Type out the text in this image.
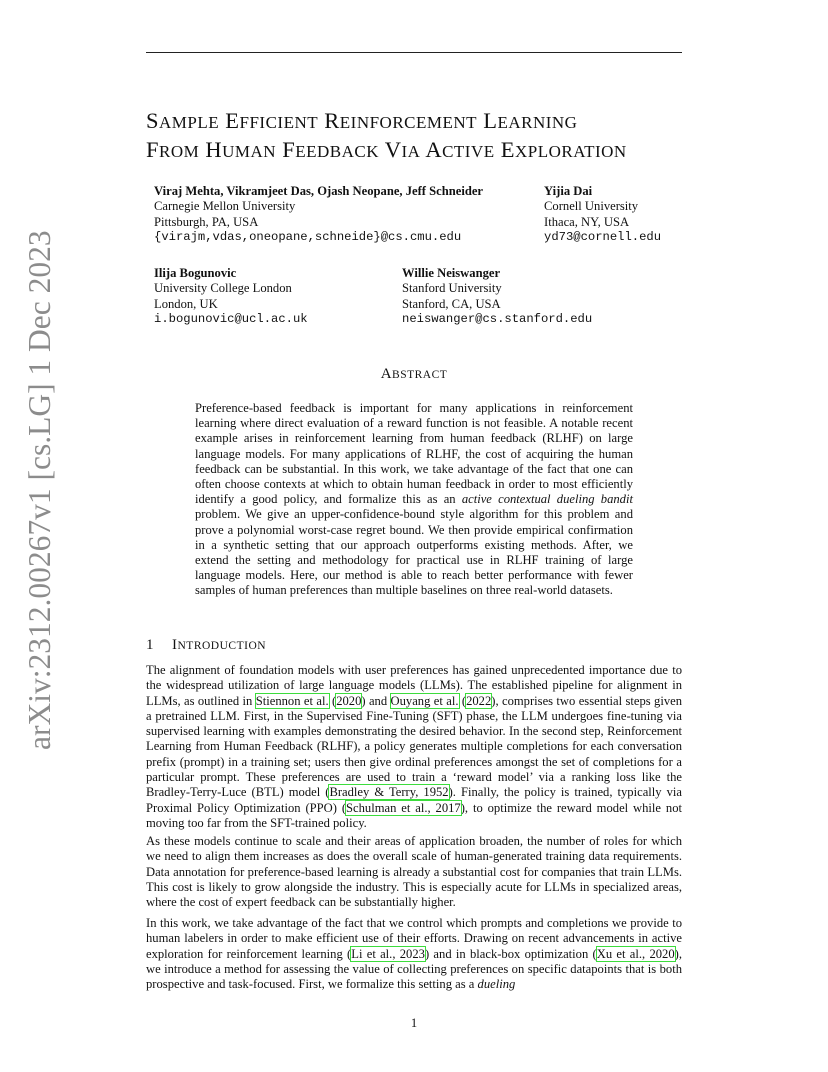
arXiv:2312.00267v1 [cs.LG] 1 Dec 2023
SAMPLE EFFICIENT REINFORCEMENT LEARNING
FROM HUMAN FEEDBACK VIA ACTIVE EXPLORATION
Viraj Mehta, Vikramjeet Das, Ojash Neopane, Jeff Schneider
Carnegie Mellon University
Pittsburgh, PA, USA
{virajm,vdas,oneopane,schneide}@cs.cmu.edu
Yijia Dai
Cornell University
Ithaca, NY, USA
yd73@cornell.edu
Ilija Bogunovic
University College London
London, UK
i.bogunovic@ucl.ac.uk
Willie Neiswanger
Stanford University
Stanford, CA, USA
neiswanger@cs.stanford.edu
ABSTRACT
Preference-based feedback is important for many applications in reinforcement learning where direct evaluation of a reward function is not feasible. A notable recent example arises in reinforcement learning from human feedback (RLHF) on large language models. For many applications of RLHF, the cost of acquiring the human feedback can be substantial. In this work, we take advantage of the fact that one can often choose contexts at which to obtain human feedback in order to most efficiently identify a good policy, and formalize this as an active contextual dueling bandit problem. We give an upper-confidence-bound style algorithm for this problem and prove a polynomial worst-case regret bound. We then provide empirical confirmation in a synthetic setting that our approach outperforms existing methods. After, we extend the setting and methodology for practical use in RLHF training of large language models. Here, our method is able to reach better performance with fewer samples of human preferences than multiple baselines on three real-world datasets.
1 INTRODUCTION
The alignment of foundation models with user preferences has gained unprecedented importance due to the widespread utilization of large language models (LLMs). The established pipeline for alignment in LLMs, as outlined in Stiennon et al. (2020) and Ouyang et al. (2022), comprises two essential steps given a pretrained LLM. First, in the Supervised Fine-Tuning (SFT) phase, the LLM undergoes fine-tuning via supervised learning with examples demonstrating the desired behavior. In the second step, Reinforcement Learning from Human Feedback (RLHF), a policy generates multiple completions for each conversation prefix (prompt) in a training set; users then give ordinal preferences amongst the set of completions for a particular prompt. These preferences are used to train a ‘reward model’ via a ranking loss like the Bradley-Terry-Luce (BTL) model (Bradley & Terry, 1952). Finally, the policy is trained, typically via Proximal Policy Optimization (PPO) (Schulman et al., 2017), to optimize the reward model while not moving too far from the SFT-trained policy.
As these models continue to scale and their areas of application broaden, the number of roles for which we need to align them increases as does the overall scale of human-generated training data requirements. Data annotation for preference-based learning is already a substantial cost for companies that train LLMs. This cost is likely to grow alongside the industry. This is especially acute for LLMs in specialized areas, where the cost of expert feedback can be substantially higher.
In this work, we take advantage of the fact that we control which prompts and completions we provide to human labelers in order to make efficient use of their efforts. Drawing on recent advancements in active exploration for reinforcement learning (Li et al., 2023) and in black-box optimization (Xu et al., 2020), we introduce a method for assessing the value of collecting preferences on specific datapoints that is both prospective and task-focused. First, we formalize this setting as a dueling
1
